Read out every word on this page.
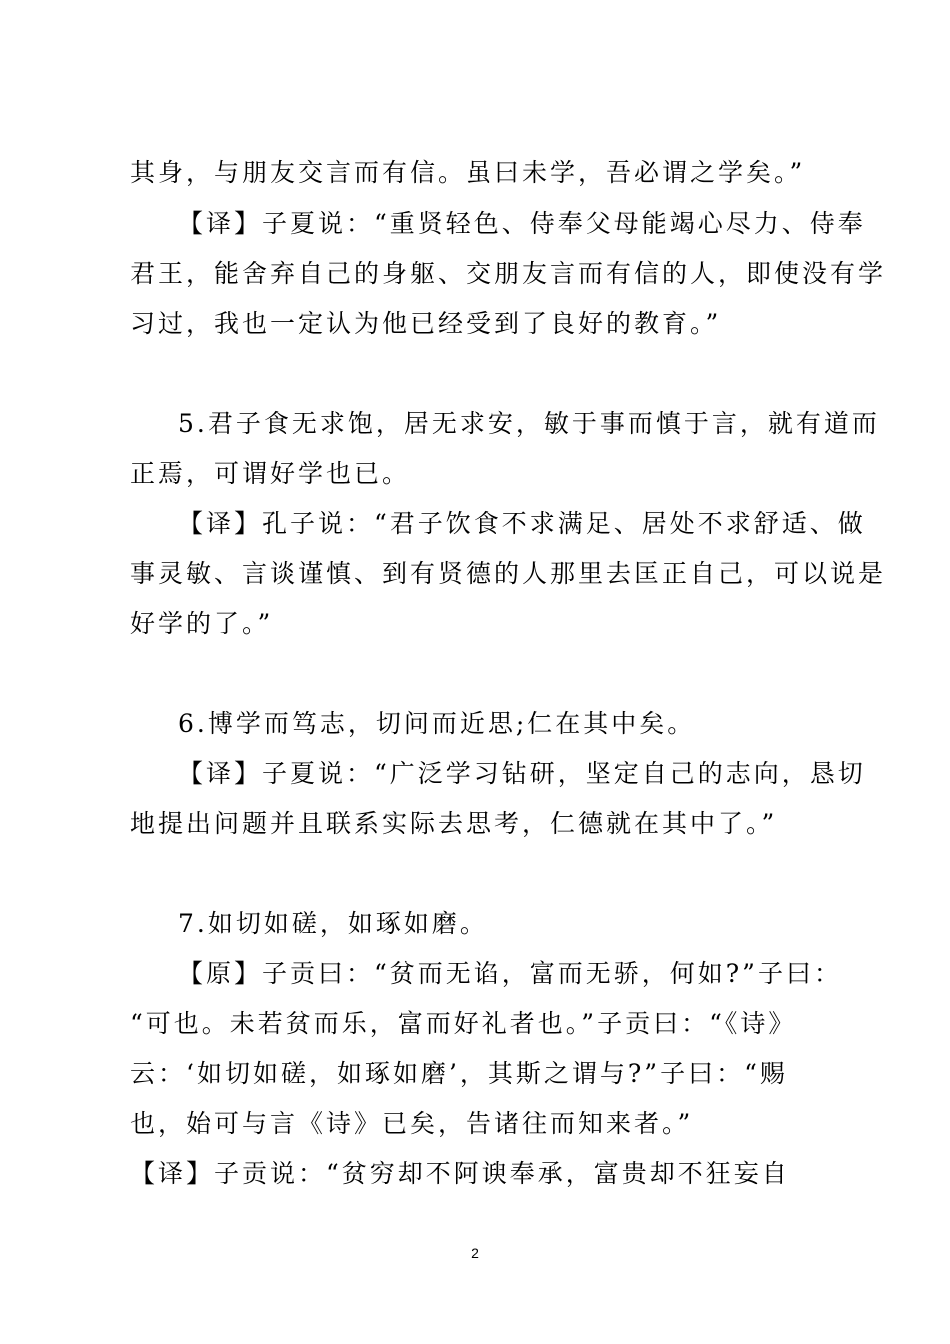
其身，与朋友交言而有信。虽曰未学，吾必谓之学矣。”
【译】子夏说：“重贤轻色、侍奉父母能竭心尽力、侍奉
君王，能舍弃自己的身躯、交朋友言而有信的人，即使没有学
习过，我也一定认为他已经受到了良好的教育。”
5.君子食无求饱，居无求安，敏于事而慎于言，就有道而
正焉，可谓好学也已。
【译】孔子说：“君子饮食不求满足、居处不求舒适、做
事灵敏、言谈谨慎、到有贤德的人那里去匡正自己，可以说是
好学的了。”
6.博学而笃志，切问而近思;仁在其中矣。
【译】子夏说：“广泛学习钻研，坚定自己的志向，恳切
地提出问题并且联系实际去思考，仁德就在其中了。”
7.如切如磋，如琢如磨。
【原】子贡曰：“贫而无谄，富而无骄，何如?”子曰：
“可也。未若贫而乐，富而好礼者也。”子贡曰：“《诗》
云：‘如切如磋，如琢如磨’，其斯之谓与?”子曰：“赐
也，始可与言《诗》已矣，告诸往而知来者。”
【译】子贡说：“贫穷却不阿谀奉承，富贵却不狂妄自
2
